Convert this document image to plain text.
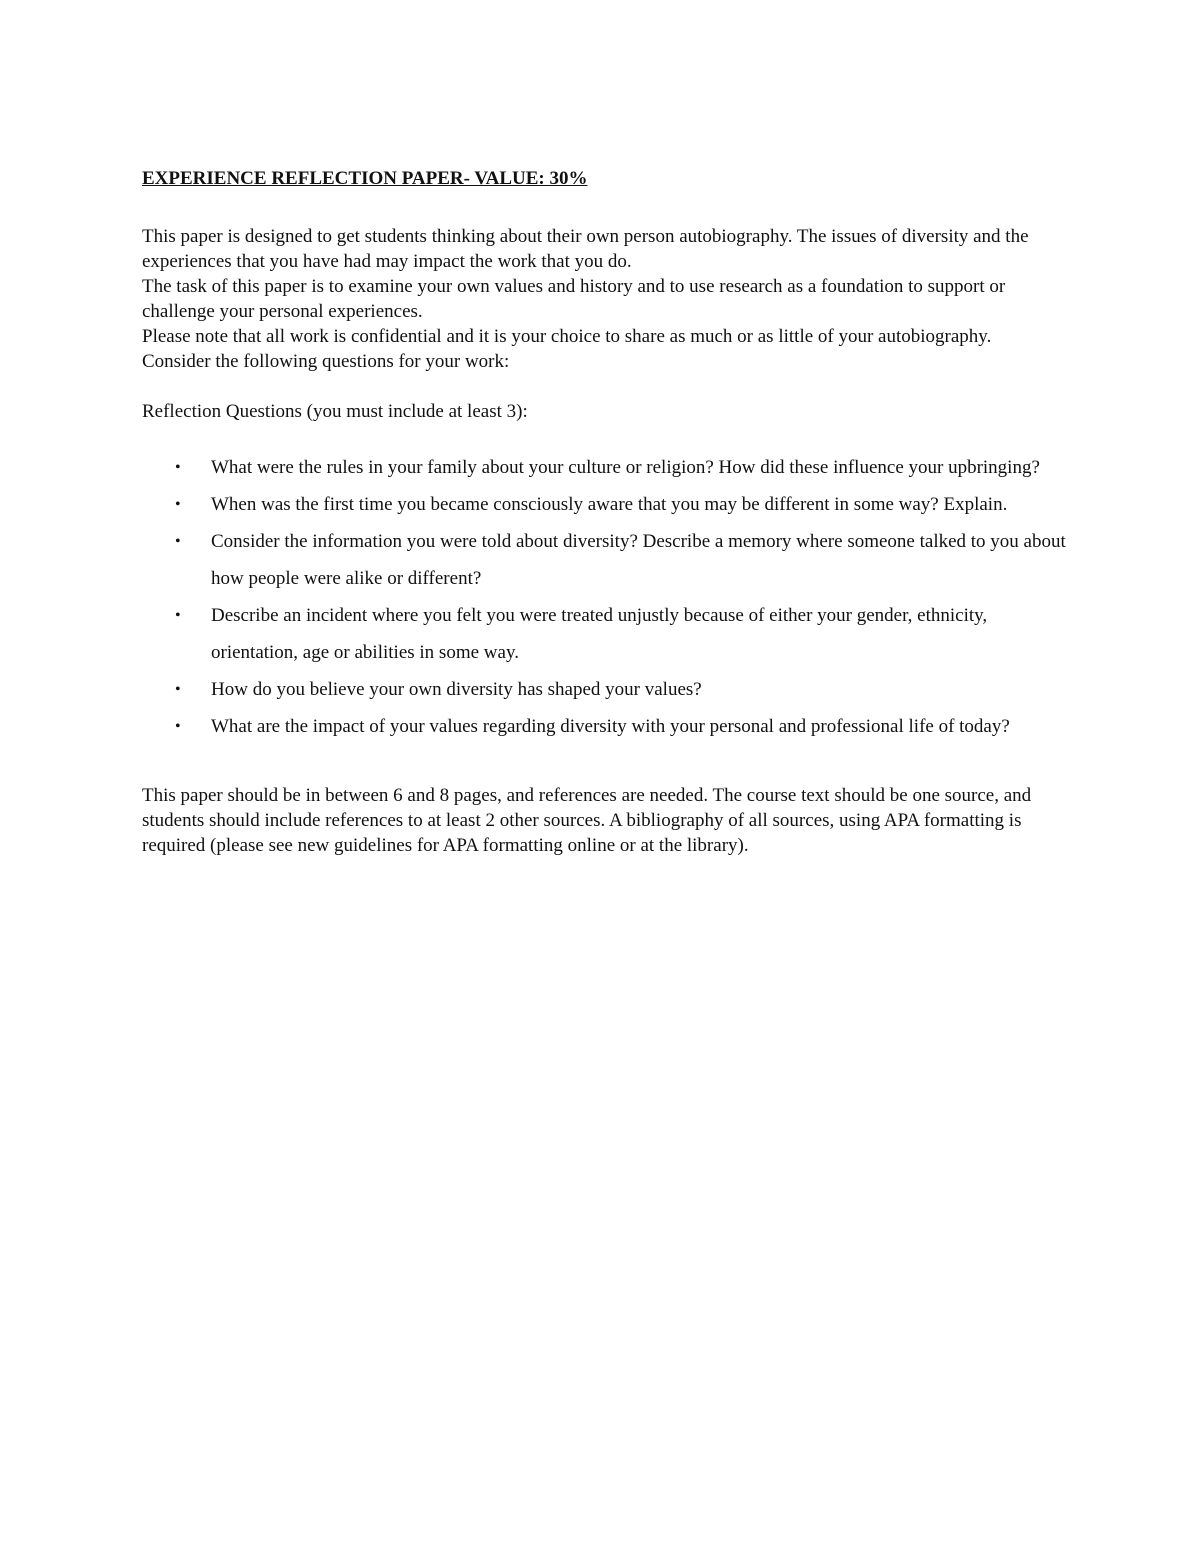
EXPERIENCE REFLECTION PAPER- VALUE: 30%

This paper is designed to get students thinking about their own person autobiography. The issues of diversity and the experiences that you have had may impact the work that you do.

The task of this paper is to examine your own values and history and to use research as a foundation to support or challenge your personal experiences.

Please note that all work is confidential and it is your choice to share as much or as little of your autobiography.

Consider the following questions for your work:

Reflection Questions (you must include at least 3):

•	What were the rules in your family about your culture or religion? How did these influence your upbringing?
•	When was the first time you became consciously aware that you may be different in some way? Explain.
•	Consider the information you were told about diversity? Describe a memory where someone talked to you about how people were alike or different?
•	Describe an incident where you felt you were treated unjustly because of either your gender, ethnicity, orientation, age or abilities in some way.
•	How do you believe your own diversity has shaped your values?
•	What are the impact of your values regarding diversity with your personal and professional life of today?

This paper should be in between 6 and 8 pages, and references are needed. The course text should be one source, and students should include references to at least 2 other sources. A bibliography of all sources, using APA formatting is required (please see new guidelines for APA formatting online or at the library).
